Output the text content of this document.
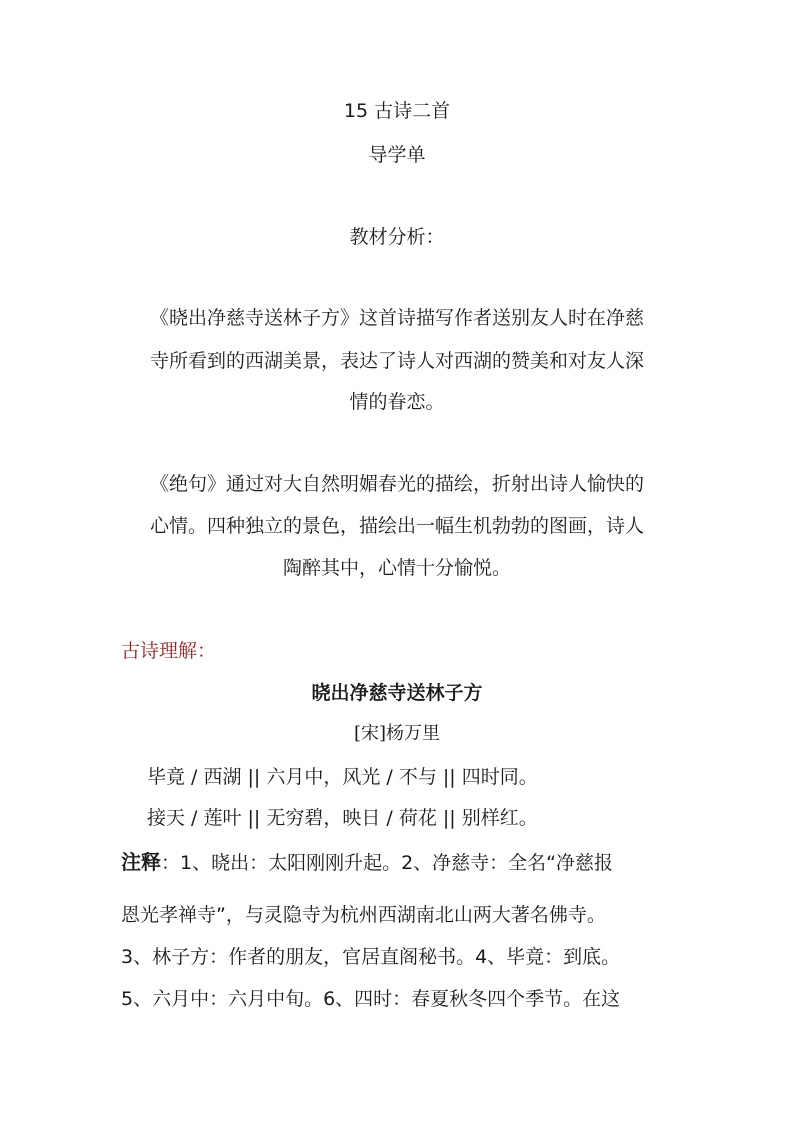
15 古诗二首
导学单
教材分析：
《晓出净慈寺送林子方》这首诗描写作者送别友人时在净慈
寺所看到的西湖美景，表达了诗人对西湖的赞美和对友人深
情的眷恋。
《绝句》通过对大自然明媚春光的描绘，折射出诗人愉快的
心情。四种独立的景色，描绘出一幅生机勃勃的图画，诗人
陶醉其中，心情十分愉悦。
古诗理解：
晓出净慈寺送林子方
[宋]杨万里
毕竟 / 西湖 || 六月中，风光 / 不与 || 四时同。
接天 / 莲叶 || 无穷碧，映日 / 荷花 || 别样红。
注释：1、晓出：太阳刚刚升起。2、净慈寺：全名“净慈报
恩光孝禅寺”，与灵隐寺为杭州西湖南北山两大著名佛寺。
3、林子方：作者的朋友，官居直阁秘书。4、毕竟：到底。
5、六月中：六月中旬。6、四时：春夏秋冬四个季节。在这
